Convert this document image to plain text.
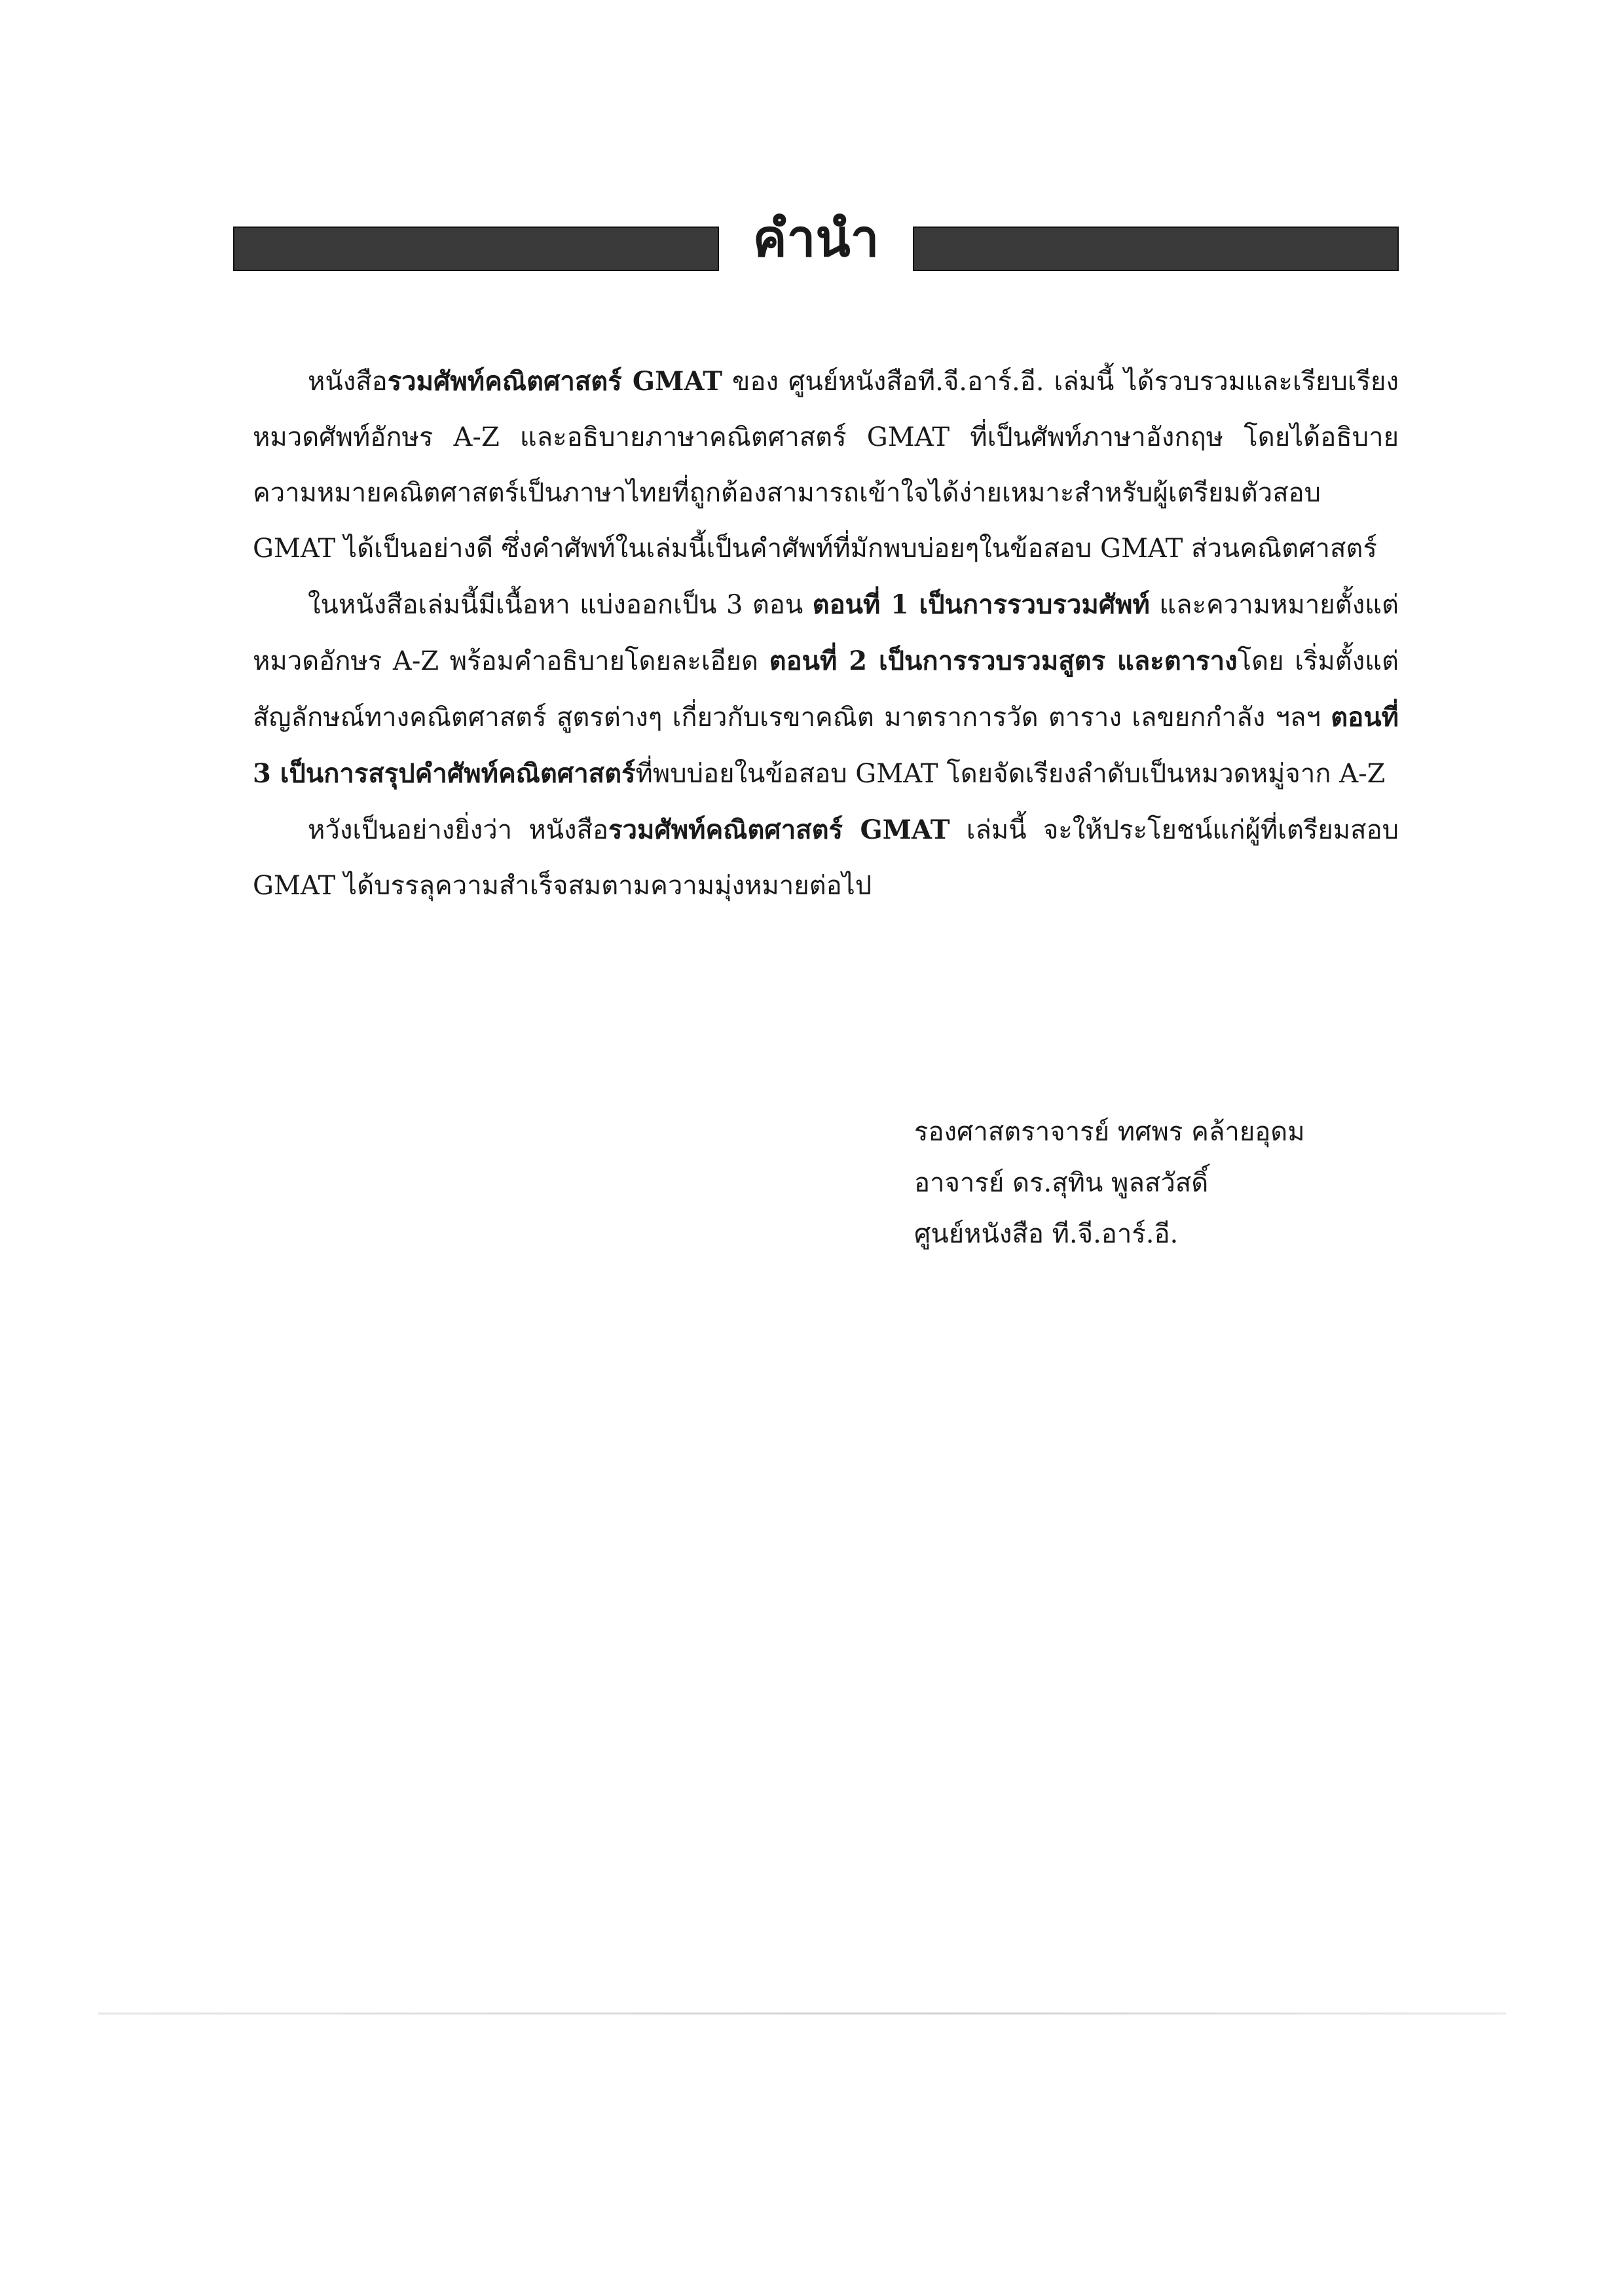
คำนำ

หนังสือรวมศัพท์คณิตศาสตร์ GMAT ของ ศูนย์หนังสือที.จี.อาร์.อี. เล่มนี้ ได้รวบรวมและเรียบเรียงหมวดศัพท์อักษร A-Z และอธิบายภาษาคณิตศาสตร์ GMAT ที่เป็นศัพท์ภาษาอังกฤษ โดยได้อธิบายความหมายคณิตศาสตร์เป็นภาษาไทยที่ถูกต้องสามารถเข้าใจได้ง่ายเหมาะสำหรับผู้เตรียมตัวสอบ GMAT ได้เป็นอย่างดี ซึ่งคำศัพท์ในเล่มนี้เป็นคำศัพท์ที่มักพบบ่อยๆในข้อสอบ GMAT ส่วนคณิตศาสตร์

ในหนังสือเล่มนี้มีเนื้อหา แบ่งออกเป็น 3 ตอน ตอนที่ 1 เป็นการรวบรวมศัพท์ และความหมายตั้งแต่หมวดอักษร A-Z พร้อมคำอธิบายโดยละเอียด ตอนที่ 2 เป็นการรวบรวมสูตร และตารางโดย เริ่มตั้งแต่สัญลักษณ์ทางคณิตศาสตร์ สูตรต่างๆ เกี่ยวกับเรขาคณิต มาตราการวัด ตาราง เลขยกกำลัง ฯลฯ ตอนที่ 3 เป็นการสรุปคำศัพท์คณิตศาสตร์ที่พบบ่อยในข้อสอบ GMAT โดยจัดเรียงลำดับเป็นหมวดหมู่จาก A-Z

หวังเป็นอย่างยิ่งว่า หนังสือรวมศัพท์คณิตศาสตร์ GMAT เล่มนี้ จะให้ประโยชน์แก่ผู้ที่เตรียมสอบ GMAT ได้บรรลุความสำเร็จสมตามความมุ่งหมายต่อไป

รองศาสตราจารย์ ทศพร คล้ายอุดม
อาจารย์ ดร.สุทิน พูลสวัสดิ์
ศูนย์หนังสือ ที.จี.อาร์.อี.
